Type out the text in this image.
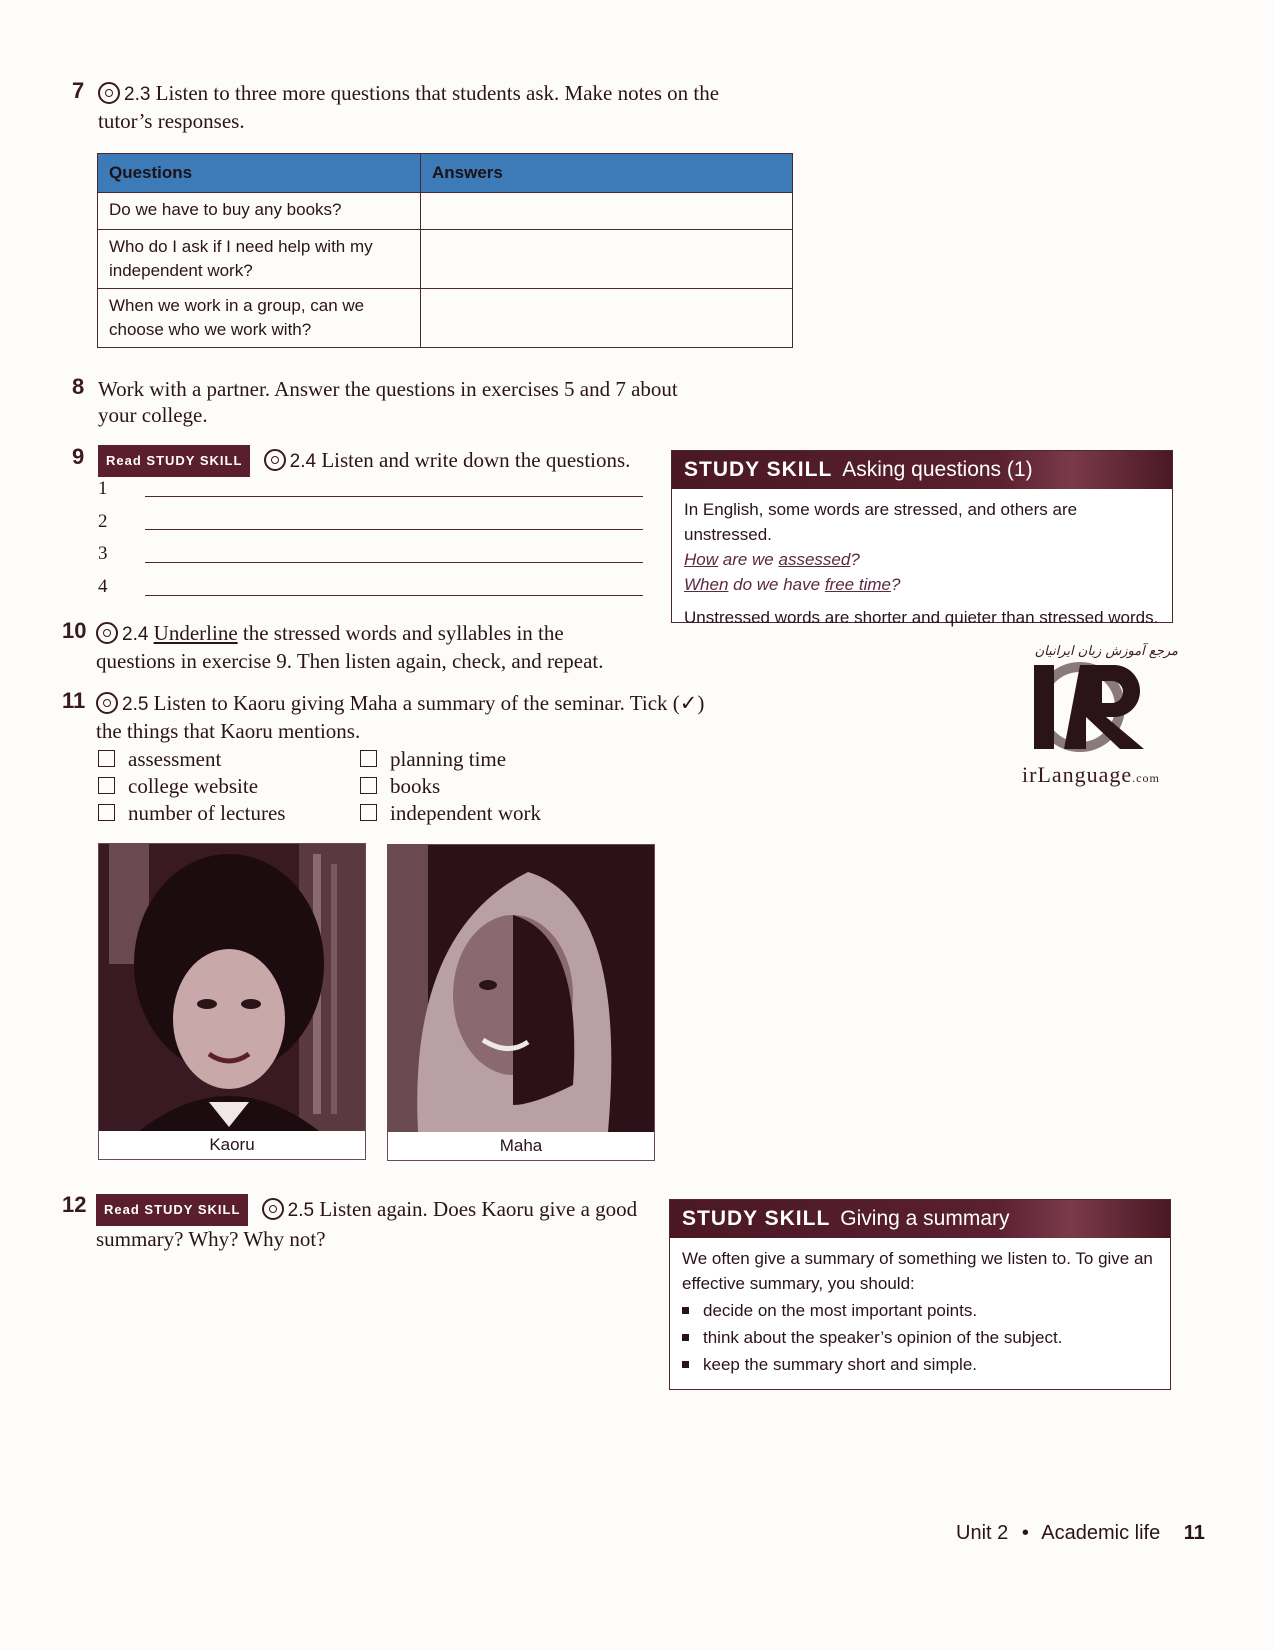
7	2.3 Listen to three more questions that students ask. Make notes on the
tutor’s responses.
Questions	Answers
Do we have to buy any books?	
Who do I ask if I need help with my independent work?	
When we work in a group, can we choose who we work with?	
8 Work with a partner. Answer the questions in exercises 5 and 7 about
your college.
9	Read STUDY SKILL 2.4 Listen and write down the questions.
1
2
3
4
STUDY SKILL Asking questions (1)
In English, some words are stressed, and others are unstressed.
How are we assessed?
When do we have free time?
Unstressed words are shorter and quieter than stressed words.
10	2.4 Underline the stressed words and syllables in the
questions in exercise 9. Then listen again, check, and repeat.	مرجع آموزش زبان ایرانیان
irLanguage.com
11	2.5 Listen to Kaoru giving Maha a summary of the seminar. Tick (✓)
the things that Kaoru mentions.
assessment
college website
number of lectures
planning time
books
independent work
Kaoru	Maha
12	Read STUDY SKILL 2.5 Listen again. Does Kaoru give a good
summary? Why? Why not?
STUDY SKILL Giving a summary
We often give a summary of something we listen to. To give an
effective summary, you should:
decide on the most important points.
think about the speaker’s opinion of the subject.
keep the summary short and simple.
Unit 2 • Academic life 11
